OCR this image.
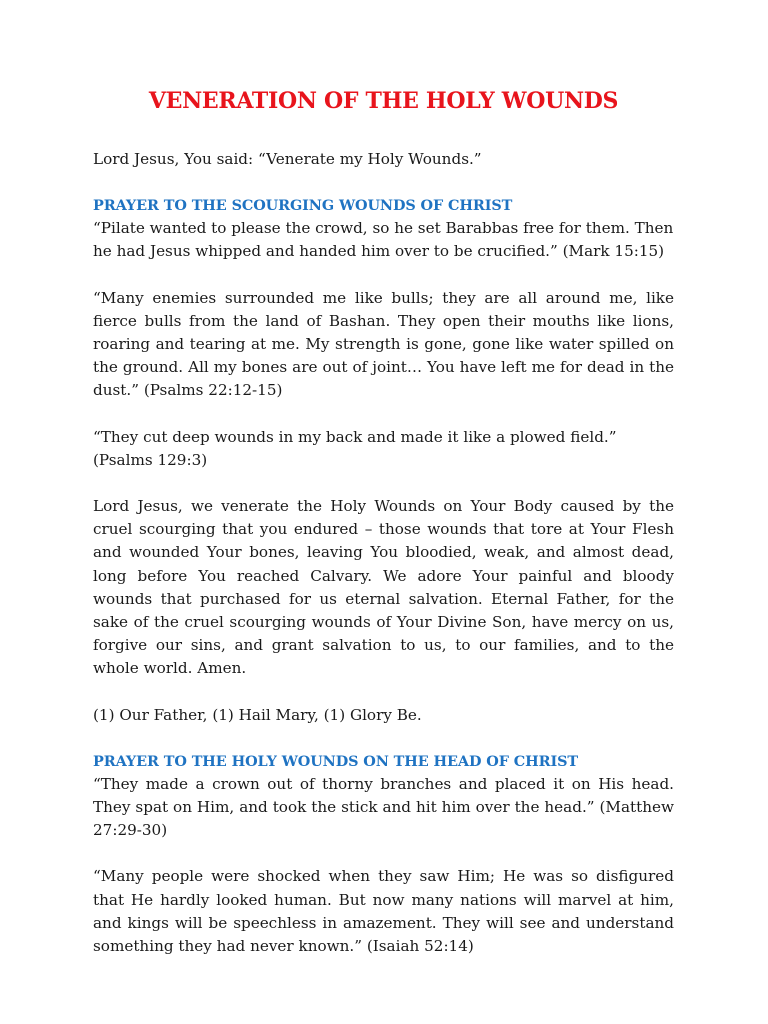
VENERATION OF THE HOLY WOUNDS

Lord Jesus, You said: “Venerate my Holy Wounds.”

PRAYER TO THE SCOURGING WOUNDS OF CHRIST

“Pilate wanted to please the crowd, so he set Barabbas free for them. Then he had Jesus whipped and handed him over to be crucified.” (Mark 15:15)

“Many enemies surrounded me like bulls; they are all around me, like fierce bulls from the land of Bashan. They open their mouths like lions, roaring and tearing at me. My strength is gone, gone like water spilled on the ground. All my bones are out of joint… You have left me for dead in the dust.” (Psalms 22:12-15)

“They cut deep wounds in my back and made it like a plowed field.” (Psalms 129:3)

Lord Jesus, we venerate the Holy Wounds on Your Body caused by the cruel scourging that you endured – those wounds that tore at Your Flesh and wounded Your bones, leaving You bloodied, weak, and almost dead, long before You reached Calvary. We adore Your painful and bloody wounds that purchased for us eternal salvation. Eternal Father, for the sake of the cruel scourging wounds of Your Divine Son, have mercy on us, forgive our sins, and grant salvation to us, to our families, and to the whole world. Amen.

(1) Our Father, (1) Hail Mary, (1) Glory Be.

PRAYER TO THE HOLY WOUNDS ON THE HEAD OF CHRIST

“They made a crown out of thorny branches and placed it on His head. They spat on Him, and took the stick and hit him over the head.” (Matthew 27:29-30)

“Many people were shocked when they saw Him; He was so disfigured that He hardly looked human. But now many nations will marvel at him, and kings will be speechless in amazement. They will see and understand something they had never known.” (Isaiah 52:14)
